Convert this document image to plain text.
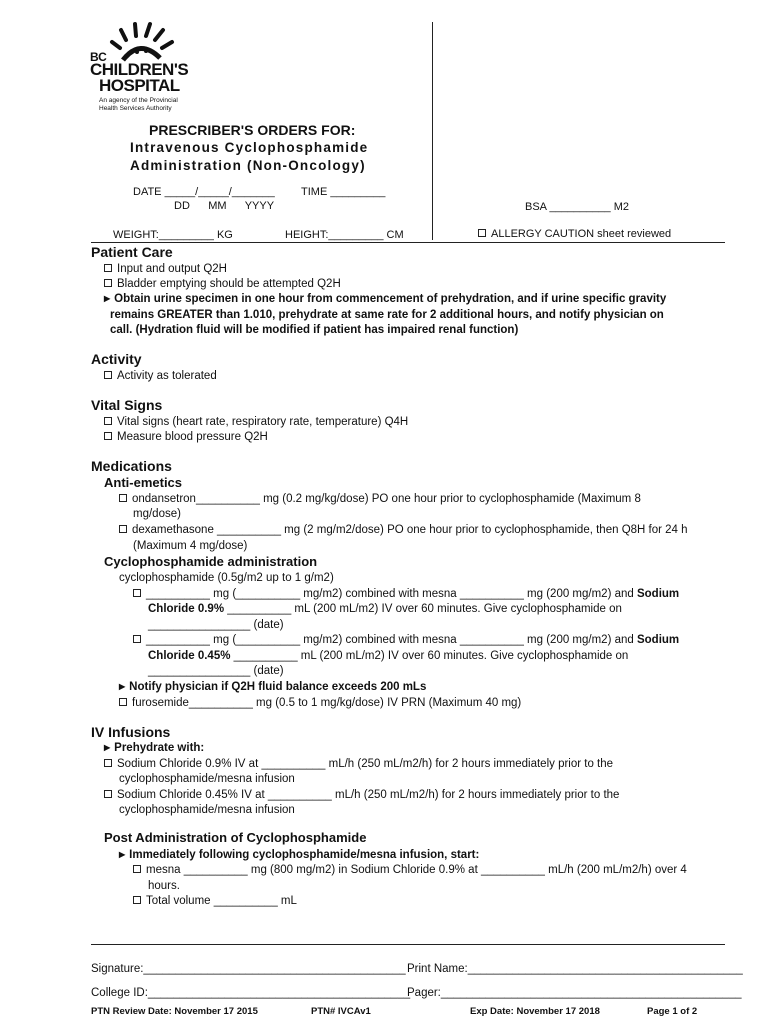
BC
CHILDREN'S
HOSPITAL
An agency of the Provincial
Health Services Authority
PRESCRIBER'S ORDERS FOR:
Intravenous Cyclophosphamide
Administration (Non-Oncology)
DATE _____/_____/_______ TIME _________
DD      MM      YYYY	BSA __________ M2
WEIGHT:_________ KG	HEIGHT:_________ CM	ALLERGY CAUTION sheet reviewed
Patient Care
Input and output Q2H
Bladder emptying should be attempted Q2H
▶ Obtain urine specimen in one hour from commencement of prehydration, and if urine specific gravity
remains GREATER than 1.010, prehydrate at same rate for 2 additional hours, and notify physician on
call. (Hydration fluid will be modified if patient has impaired renal function)
Activity
Activity as tolerated
Vital Signs
Vital signs (heart rate, respiratory rate, temperature) Q4H
Measure blood pressure Q2H
Medications
Anti-emetics
ondansetron__________ mg (0.2 mg/kg/dose) PO one hour prior to cyclophosphamide (Maximum 8
mg/dose)
dexamethasone __________ mg (2 mg/m2/dose) PO one hour prior to cyclophosphamide, then Q8H for 24 h
(Maximum 4 mg/dose)
Cyclophosphamide administration
cyclophosphamide (0.5g/m2 up to 1 g/m2)
__________ mg (__________ mg/m2) combined with mesna __________ mg (200 mg/m2) and Sodium
Chloride 0.9% __________ mL (200 mL/m2) IV over 60 minutes. Give cyclophosphamide on
________________ (date)
__________ mg (__________ mg/m2) combined with mesna __________ mg (200 mg/m2) and Sodium
Chloride 0.45% __________ mL (200 mL/m2) IV over 60 minutes. Give cyclophosphamide on
________________ (date)
▶ Notify physician if Q2H fluid balance exceeds 200 mLs
furosemide__________ mg (0.5 to 1 mg/kg/dose) IV PRN (Maximum 40 mg)
IV Infusions
▶ Prehydrate with:
Sodium Chloride 0.9% IV at __________ mL/h (250 mL/m2/h) for 2 hours immediately prior to the
cyclophosphamide/mesna infusion
Sodium Chloride 0.45% IV at __________ mL/h (250 mL/m2/h) for 2 hours immediately prior to the
cyclophosphamide/mesna infusion
Post Administration of Cyclophosphamide
▶ Immediately following cyclophosphamide/mesna infusion, start:
mesna __________ mg (800 mg/m2) in Sodium Chloride 0.9% at __________ mL/h (200 mL/m2/h) over 4
hours.
Total volume __________ mL
Signature:_________________________________________ Print Name:___________________________________________
College ID:_________________________________________
Pager:_______________________________________________
PTN Review Date: November 17 2015	PTN# IVCAv1	Exp Date: November 17 2018	Page 1 of 2
